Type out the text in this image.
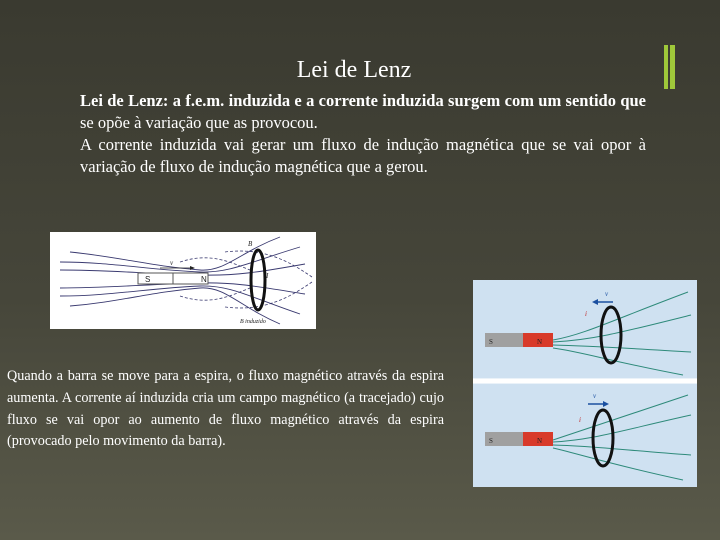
Lei de Lenz
Lei de Lenz: a f.e.m. induzida e a corrente induzida surgem com um sentido que se opõe à variação que as provocou.
A corrente induzida vai gerar um fluxo de indução magnética que se vai opor à variação de fluxo de indução magnética que a gerou.
S	N
v
B
I
B induzido
S	N
v
i
S	N
v
i
Quando a barra se move para a espira, o fluxo magnético através da espira aumenta. A corrente aí induzida cria um campo magnético (a tracejado) cujo fluxo se vai opor ao aumento de fluxo magnético através da espira (provocado pelo movimento da barra).
